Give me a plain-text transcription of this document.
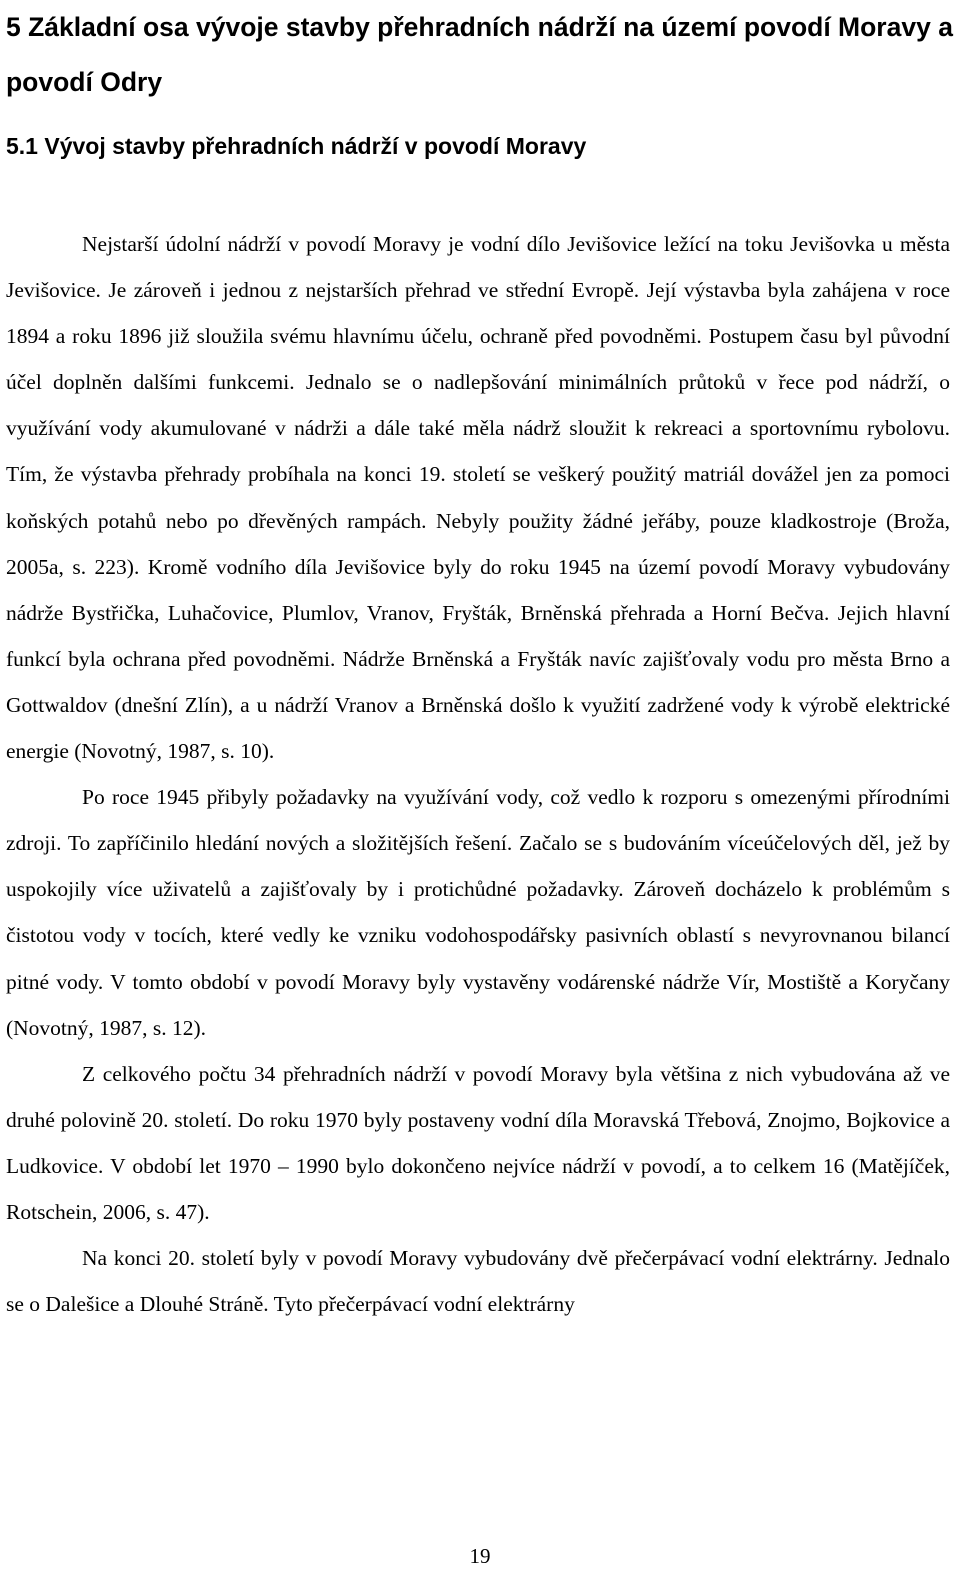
5 Základní osa vývoje stavby přehradních nádrží na území povodí Moravy a povodí Odry
5.1 Vývoj stavby přehradních nádrží v povodí Moravy

Nejstarší údolní nádrží v povodí Moravy je vodní dílo Jevišovice ležící na toku Jevišovka u města Jevišovice. Je zároveň i jednou z nejstarších přehrad ve střední Evropě. Její výstavba byla zahájena v roce 1894 a roku 1896 již sloužila svému hlavnímu účelu, ochraně před povodněmi. Postupem času byl původní účel doplněn dalšími funkcemi. Jednalo se o nadlepšování minimálních průtoků v řece pod nádrží, o využívání vody akumulované v nádrži a dále také měla nádrž sloužit k rekreaci a sportovnímu rybolovu. Tím, že výstavba přehrady probíhala na konci 19. století se veškerý použitý matriál dovážel jen za pomoci koňských potahů nebo po dřevěných rampách. Nebyly použity žádné jeřáby, pouze kladkostroje (Brožа, 2005a, s. 223). Kromě vodního díla Jevišovice byly do roku 1945 na území povodí Moravy vybudovány nádrže Bystřička, Luhačovice, Plumlov, Vranov, Fryšták, Brněnská přehrada a Horní Bečva. Jejich hlavní funkcí byla ochrana před povodněmi. Nádrže Brněnská a Fryšták navíc zajišťovaly vodu pro města Brno a Gottwaldov (dnešní Zlín), a u nádrží Vranov a Brněnská došlo k využití zadržené vody k výrobě elektrické energie (Novotný, 1987, s. 10).

Po roce 1945 přibyly požadavky na využívání vody, což vedlo k rozporu s omezenými přírodními zdroji. To zapříčinilo hledání nových a složitějších řešení. Začalo se s budováním víceúčelových děl, jež by uspokojily více uživatelů a zajišťovaly by i protichůdné požadavky. Zároveň docházelo k problémům s čistotou vody v tocích, které vedly ke vzniku vodohospodářsky pasivních oblastí s nevyrovnanou bilancí pitné vody. V tomto období v povodí Moravy byly vystavěny vodárenské nádrže Vír, Mostiště a Koryčany (Novotný, 1987, s. 12).

Z celkového počtu 34 přehradních nádrží v povodí Moravy byla většina z nich vybudována až ve druhé polovině 20. století. Do roku 1970 byly postaveny vodní díla Moravská Třebová, Znojmo, Bojkovice a Ludkovice. V období let 1970 – 1990 bylo dokončeno nejvíce nádrží v povodí, a to celkem 16 (Matějíček, Rotschein, 2006, s. 47).

Na konci 20. století byly v povodí Moravy vybudovány dvě přečerpávací vodní elektrárny. Jednalo se o Dalešice a Dlouhé Stráně. Tyto přečerpávací vodní elektrárny

19
